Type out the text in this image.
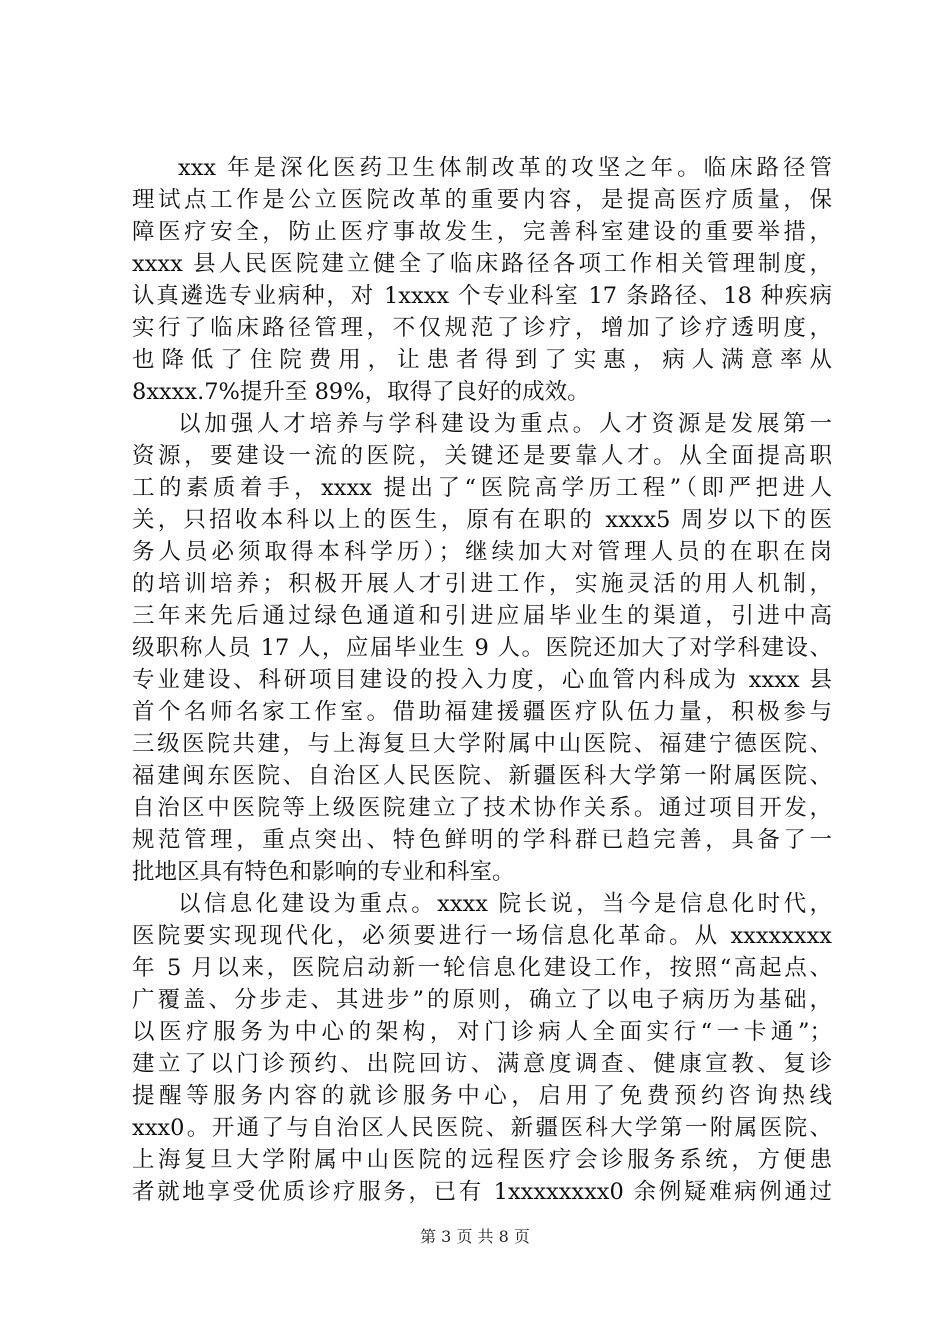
xxx 年是深化医药卫生体制改革的攻坚之年。临床路径管
理试点工作是公立医院改革的重要内容，是提高医疗质量，保
障医疗安全，防止医疗事故发生，完善科室建设的重要举措，
xxxx 县人民医院建立健全了临床路径各项工作相关管理制度，
认真遴选专业病种，对 1xxxx 个专业科室 17 条路径、18 种疾病
实行了临床路径管理，不仅规范了诊疗，增加了诊疗透明度，
也降低了住院费用，让患者得到了实惠，病人满意率从
8xxxx.7%提升至 89%，取得了良好的成效。
以加强人才培养与学科建设为重点。人才资源是发展第一
资源，要建设一流的医院，关键还是要靠人才。从全面提高职
工的素质着手，xxxx 提出了“医院高学历工程”（即严把进人
关，只招收本科以上的医生，原有在职的 xxxx5 周岁以下的医
务人员必须取得本科学历）；继续加大对管理人员的在职在岗
的培训培养；积极开展人才引进工作，实施灵活的用人机制，
三年来先后通过绿色通道和引进应届毕业生的渠道，引进中高
级职称人员 17 人，应届毕业生 9 人。医院还加大了对学科建设、
专业建设、科研项目建设的投入力度，心血管内科成为 xxxx 县
首个名师名家工作室。借助福建援疆医疗队伍力量，积极参与
三级医院共建，与上海复旦大学附属中山医院、福建宁德医院、
福建闽东医院、自治区人民医院、新疆医科大学第一附属医院、
自治区中医院等上级医院建立了技术协作关系。通过项目开发，
规范管理，重点突出、特色鲜明的学科群已趋完善，具备了一
批地区具有特色和影响的专业和科室。
以信息化建设为重点。xxxx 院长说，当今是信息化时代，
医院要实现现代化，必须要进行一场信息化革命。从 xxxxxxxx
年 5 月以来，医院启动新一轮信息化建设工作，按照“高起点、
广覆盖、分步走、其进步”的原则，确立了以电子病历为基础，
以医疗服务为中心的架构，对门诊病人全面实行“一卡通”；
建立了以门诊预约、出院回访、满意度调查、健康宣教、复诊
提醒等服务内容的就诊服务中心，启用了免费预约咨询热线
xxx0。开通了与自治区人民医院、新疆医科大学第一附属医院、
上海复旦大学附属中山医院的远程医疗会诊服务系统，方便患
者就地享受优质诊疗服务，已有 1xxxxxxxx0 余例疑难病例通过
第 3 页 共 8 页
